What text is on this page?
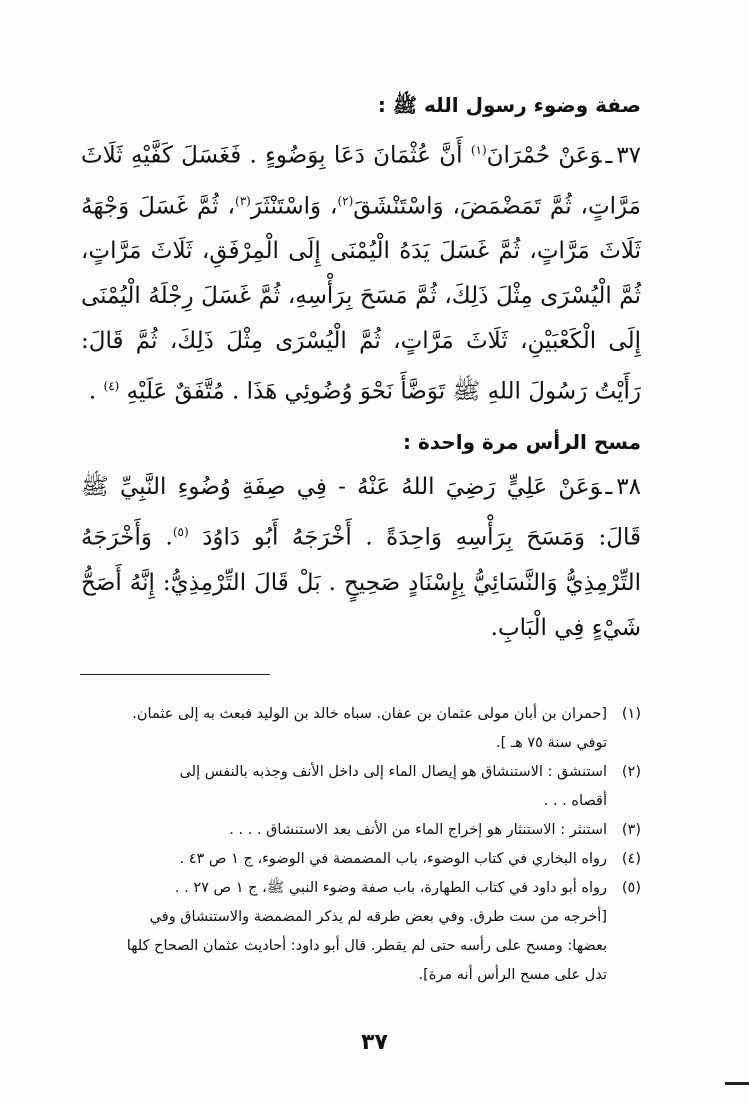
صفة وضوء رسول الله ﷺ :

٣٧ـوَعَنْ حُمْرَانَ$^{(١)}$ أَنَّ عُثْمَانَ دَعَا بِوَضُوءٍ . فَغَسَلَ كَفَّيْهِ ثَلَاثَ مَرَّاتٍ، ثُمَّ تَمَضْمَضَ، وَاسْتَنْشَقَ$^{(٢)}$، وَاسْتَنْثَرَ$^{(٣)}$، ثُمَّ غَسَلَ وَجْهَهُ ثَلَاثَ مَرَّاتٍ، ثُمَّ غَسَلَ يَدَهُ الْيُمْنَى إِلَى الْمِرْفَقِ، ثَلَاثَ مَرَّاتٍ، ثُمَّ الْيُسْرَى مِثْلَ ذَلِكَ، ثُمَّ مَسَحَ بِرَأْسِهِ، ثُمَّ غَسَلَ رِجْلَهُ الْيُمْنَى إِلَى الْكَعْبَيْنِ، ثَلَاثَ مَرَّاتٍ، ثُمَّ الْيُسْرَى مِثْلَ ذَلِكَ، ثُمَّ قَالَ: رَأَيْتُ رَسُولَ اللهِ ﷺ تَوَضَّأَ نَحْوَ وُضُوئِي هَذَا . مُتَّفَقٌ عَلَيْهِ $^{(٤)}$ .

مسح الرأس مرة واحدة :

٣٨ـوَعَنْ عَلِيٍّ رَضِيَ اللهُ عَنْهُ - فِي صِفَةِ وُضُوءِ النَّبِيِّ ﷺ قَالَ: وَمَسَحَ بِرَأْسِهِ وَاحِدَةً . أَخْرَجَهُ أَبُو دَاوُدَ $^{(٥)}$. وَأَخْرَجَهُ التِّرْمِذِيُّ وَالنَّسَائِيُّ بِإِسْنَادٍ صَحِيحٍ . بَلْ قَالَ التِّرْمِذِيُّ: إِنَّهُ أَصَحُّ شَيْءٍ فِي الْبَابِ.

(١)
[حمران بن أبان مولى عثمان بن عفان. سباه خالد بن الوليد فبعث به إلى عثمان.
توفي سنة ٧٥ هـ ].
(٢)
استنشق : الاستنشاق هو إيصال الماء إلى داخل الأنف وجذبه بالنفس إلى
أقصاه . . .
(٣)
استنثر : الاستنثار هو إخراج الماء من الأنف بعد الاستنشاق . . . .
(٤)
رواه البخاري في كتاب الوضوء، باب المضمضة في الوضوء، ج ١ ص ٤٣ .
(٥)
رواه أبو داود في كتاب الطهارة، باب صفة وضوء النبي ﷺ، ج ١ ص ٢٧ . .
[أخرجه من ست طرق. وفي بعض طرقه لم يذكر المضمضة والاستنشاق وفي
بعضها: ومسح على رأسه حتى لم يقطر. قال أبو داود: أحاديث عثمان الصحاح كلها
تدل على مسح الرأس أنه مرة].
٣٧
